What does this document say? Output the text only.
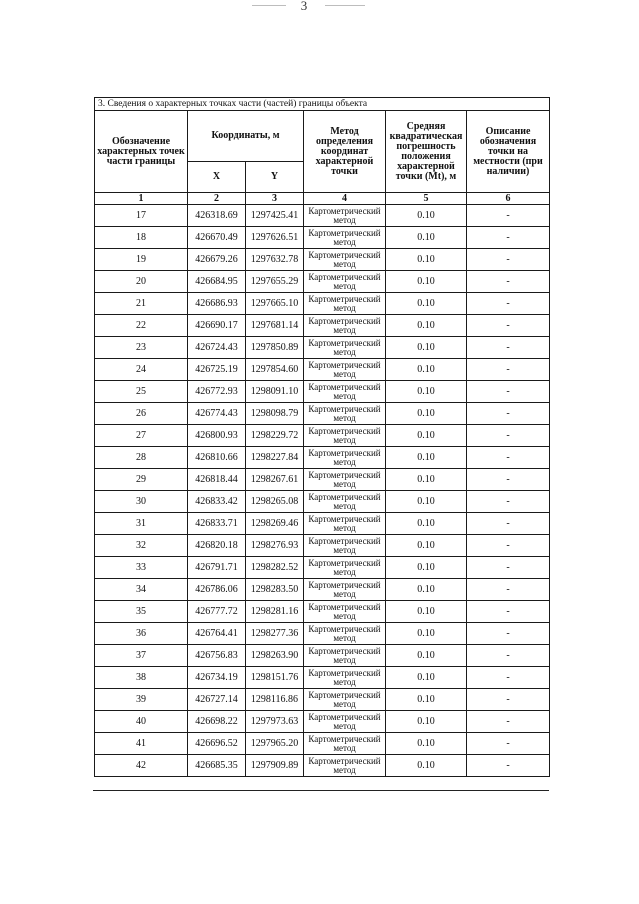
3
3. Сведения о характерных точках части (частей) границы объекта					
Обозначение характерных точек части границы	Координаты, м		Метод определения координат характерной точки	Средняя квадратическая погрешность положения характерной точки (Mt), м	Описание обозначения точки на местности (при наличии)
	X	Y			
1	2	3	4	5	6
17	426318.69	1297425.41	Картометрический метод	0.10	-
18	426670.49	1297626.51	Картометрический метод	0.10	-
19	426679.26	1297632.78	Картометрический метод	0.10	-
20	426684.95	1297655.29	Картометрический метод	0.10	-
21	426686.93	1297665.10	Картометрический метод	0.10	-
22	426690.17	1297681.14	Картометрический метод	0.10	-
23	426724.43	1297850.89	Картометрический метод	0.10	-
24	426725.19	1297854.60	Картометрический метод	0.10	-
25	426772.93	1298091.10	Картометрический метод	0.10	-
26	426774.43	1298098.79	Картометрический метод	0.10	-
27	426800.93	1298229.72	Картометрический метод	0.10	-
28	426810.66	1298227.84	Картометрический метод	0.10	-
29	426818.44	1298267.61	Картометрический метод	0.10	-
30	426833.42	1298265.08	Картометрический метод	0.10	-
31	426833.71	1298269.46	Картометрический метод	0.10	-
32	426820.18	1298276.93	Картометрический метод	0.10	-
33	426791.71	1298282.52	Картометрический метод	0.10	-
34	426786.06	1298283.50	Картометрический метод	0.10	-
35	426777.72	1298281.16	Картометрический метод	0.10	-
36	426764.41	1298277.36	Картометрический метод	0.10	-
37	426756.83	1298263.90	Картометрический метод	0.10	-
38	426734.19	1298151.76	Картометрический метод	0.10	-
39	426727.14	1298116.86	Картометрический метод	0.10	-
40	426698.22	1297973.63	Картометрический метод	0.10	-
41	426696.52	1297965.20	Картометрический метод	0.10	-
42	426685.35	1297909.89	Картометрический метод	0.10	-
